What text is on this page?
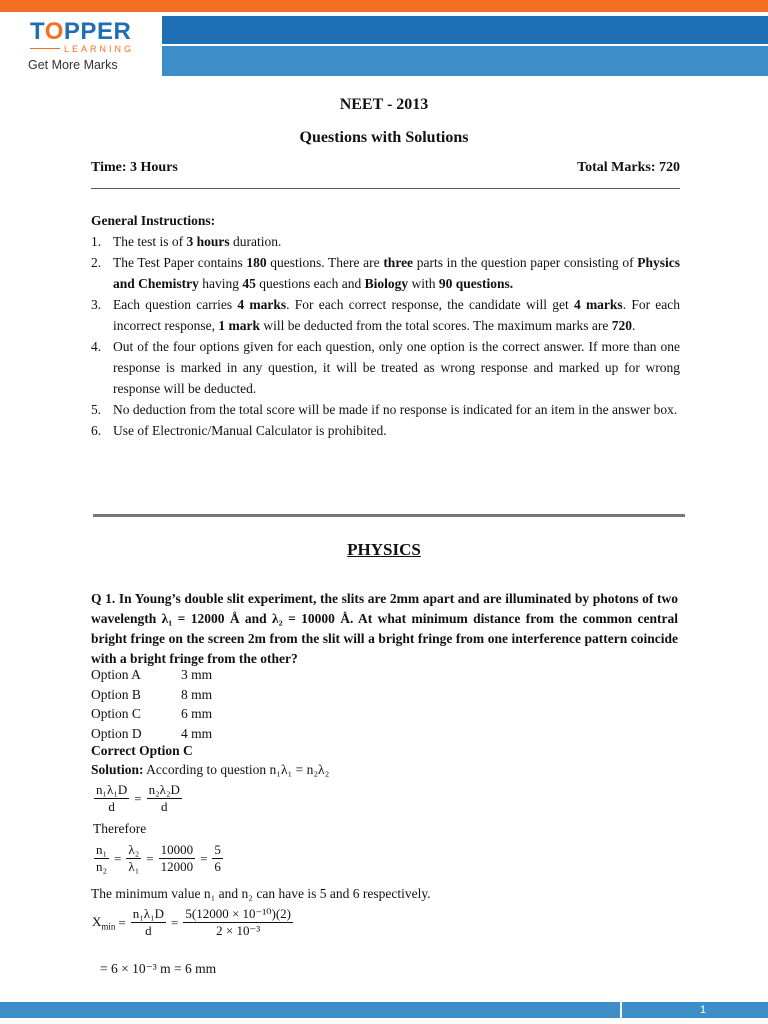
TOPPER
LEARNING
Get More Marks
NEET - 2013
Questions with Solutions
Time: 3 Hours	Total Marks: 720
General Instructions:
1. The test is of 3 hours duration.
2. The Test Paper contains 180 questions. There are three parts in the question paper consisting of Physics and Chemistry having 45 questions each and Biology with 90 questions.
3. Each question carries 4 marks. For each correct response, the candidate will get 4 marks. For each incorrect response, 1 mark will be deducted from the total scores. The maximum marks are 720.
4. Out of the four options given for each question, only one option is the correct answer. If more than one response is marked in any question, it will be treated as wrong response and marked up for wrong response will be deducted.
5. No deduction from the total score will be made if no response is indicated for an item in the answer box.
6. Use of Electronic/Manual Calculator is prohibited.
PHYSICS
Q 1. In Young’s double slit experiment, the slits are 2mm apart and are illuminated by photons of two wavelength λ₁ = 12000 Å and λ₂ = 10000 Å. At what minimum distance from the common central bright fringe on the screen 2m from the slit will a bright fringe from one interference pattern coincide with a bright fringe from the other?
Option A	3 mm
Option B	8 mm
Option C	6 mm
Option D	4 mm
Correct Option C
Solution: According to question n₁λ₁ = n₂λ₂
$\frac{\text{n₁λ₁D}}{d} = \frac{\text{n₂λ₂D}}{d}$
Therefore
$\frac{\text{n₁}}{\text{n₂}} = \frac{\text{λ₂}}{\text{λ₁}} = \frac{10000}{12000} = \frac{5}{6}$
The minimum value n₁ and n₂ can have is 5 and 6 respectively.
$X_{min} = \frac{\text{n₁λ₁D}}{d} = \frac{\text{5(12000 × 10⁻¹⁰)(2)}}{\text{2 × 10⁻³}}$
= 6 × 10⁻³ m = 6 mm
1
